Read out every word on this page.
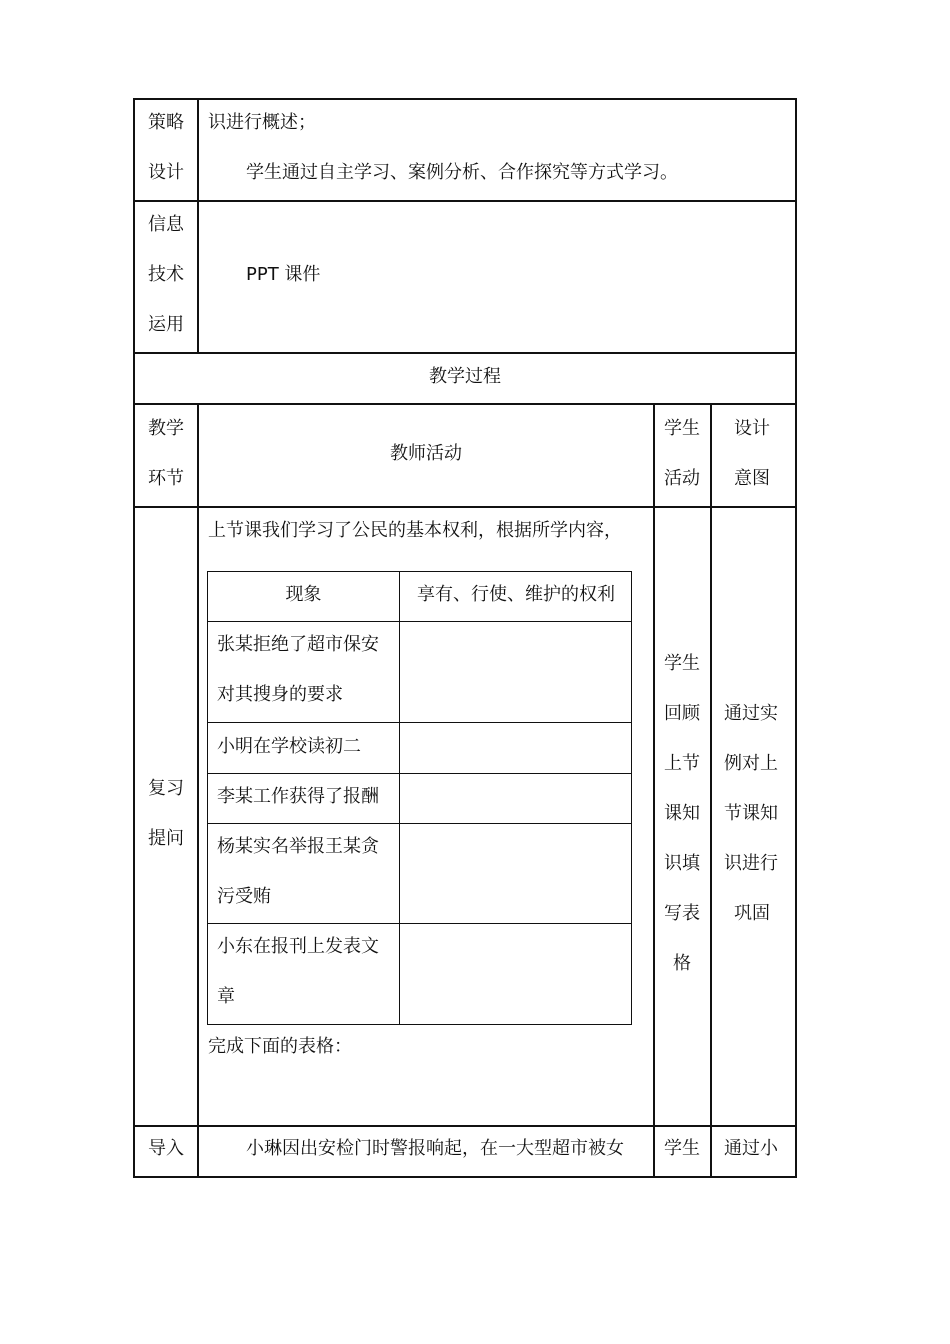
策略
设计
识进行概述；
学生通过自主学习、案例分析、合作探究等方式学习。
信息
技术
运用
PPT 课件
教学过程
教学
环节
教师活动
学生
活动
设计
意图
复习
提问
上节课我们学习了公民的基本权利，根据所学内容，
完成下面的表格：
学生
回顾
上节
课知
识填
写表
格
通过实
例对上
节课知
识进行
巩固
现象	享有、行使、维护的权利
张某拒绝了超市保安
对其搜身的要求
小明在学校读初二
李某工作获得了报酬
杨某实名举报王某贪
污受贿
小东在报刊上发表文
章
导入	小琳因出安检门时警报响起，在一大型超市被女 学生 通过小
